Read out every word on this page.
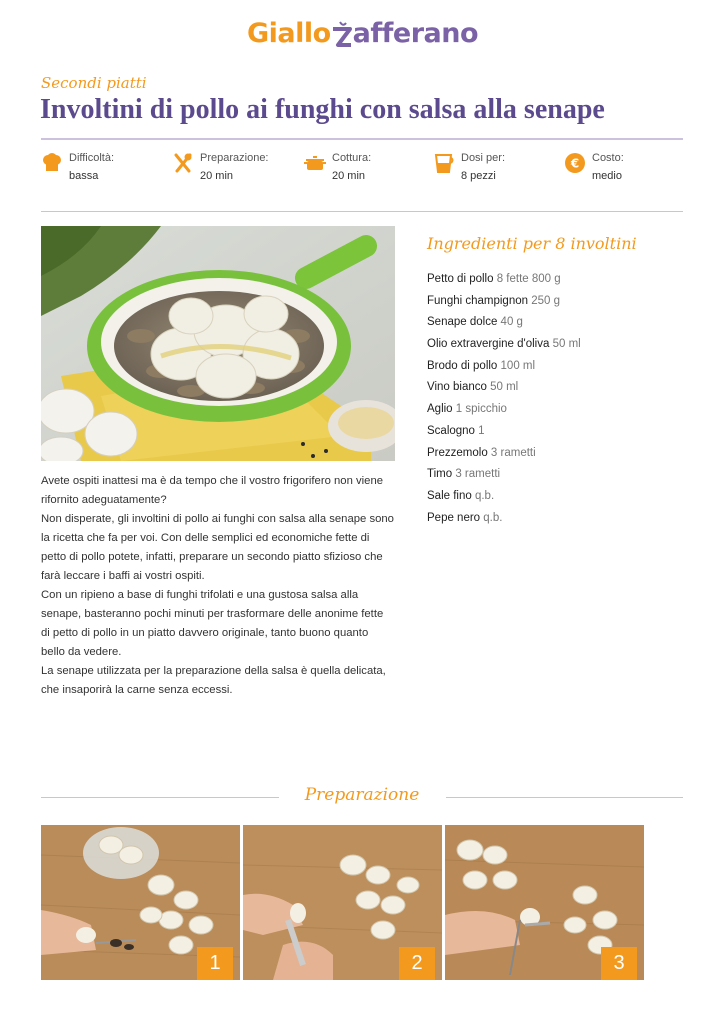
Giallo afferano
Secondi piatti
Involtini di pollo ai funghi con salsa alla senape
Difficoltà:
bassa
Preparazione:
20 min
Cottura:
20 min
Dosi per:
8 pezzi
€ Costo:
medio

Avete ospiti inattesi ma è da tempo che il vostro frigorifero non viene rifornito adeguatamente?

Non disperate, gli involtini di pollo ai funghi con salsa alla senape sono la ricetta che fa per voi. Con delle semplici ed economiche fette di petto di pollo potete, infatti, preparare un secondo piatto sfizioso che farà leccare i baffi ai vostri ospiti.

Con un ripieno a base di funghi trifolati e una gustosa salsa alla senape, basteranno pochi minuti per trasformare delle anonime fette di petto di pollo in un piatto davvero originale, tanto buono quanto bello da vedere.

La senape utilizzata per la preparazione della salsa è quella delicata, che insaporirà la carne senza eccessi.

Ingredienti per 8 involtini
Petto di pollo 8 fette 800 g
Funghi champignon 250 g
Senape dolce 40 g
Olio extravergine d'oliva 50 ml
Brodo di pollo 100 ml
Vino bianco 50 ml
Aglio 1 spicchio
Scalogno 1
Prezzemolo 3 rametti
Timo 3 rametti
Sale fino q.b.
Pepe nero q.b.
Preparazione
1	2	3
